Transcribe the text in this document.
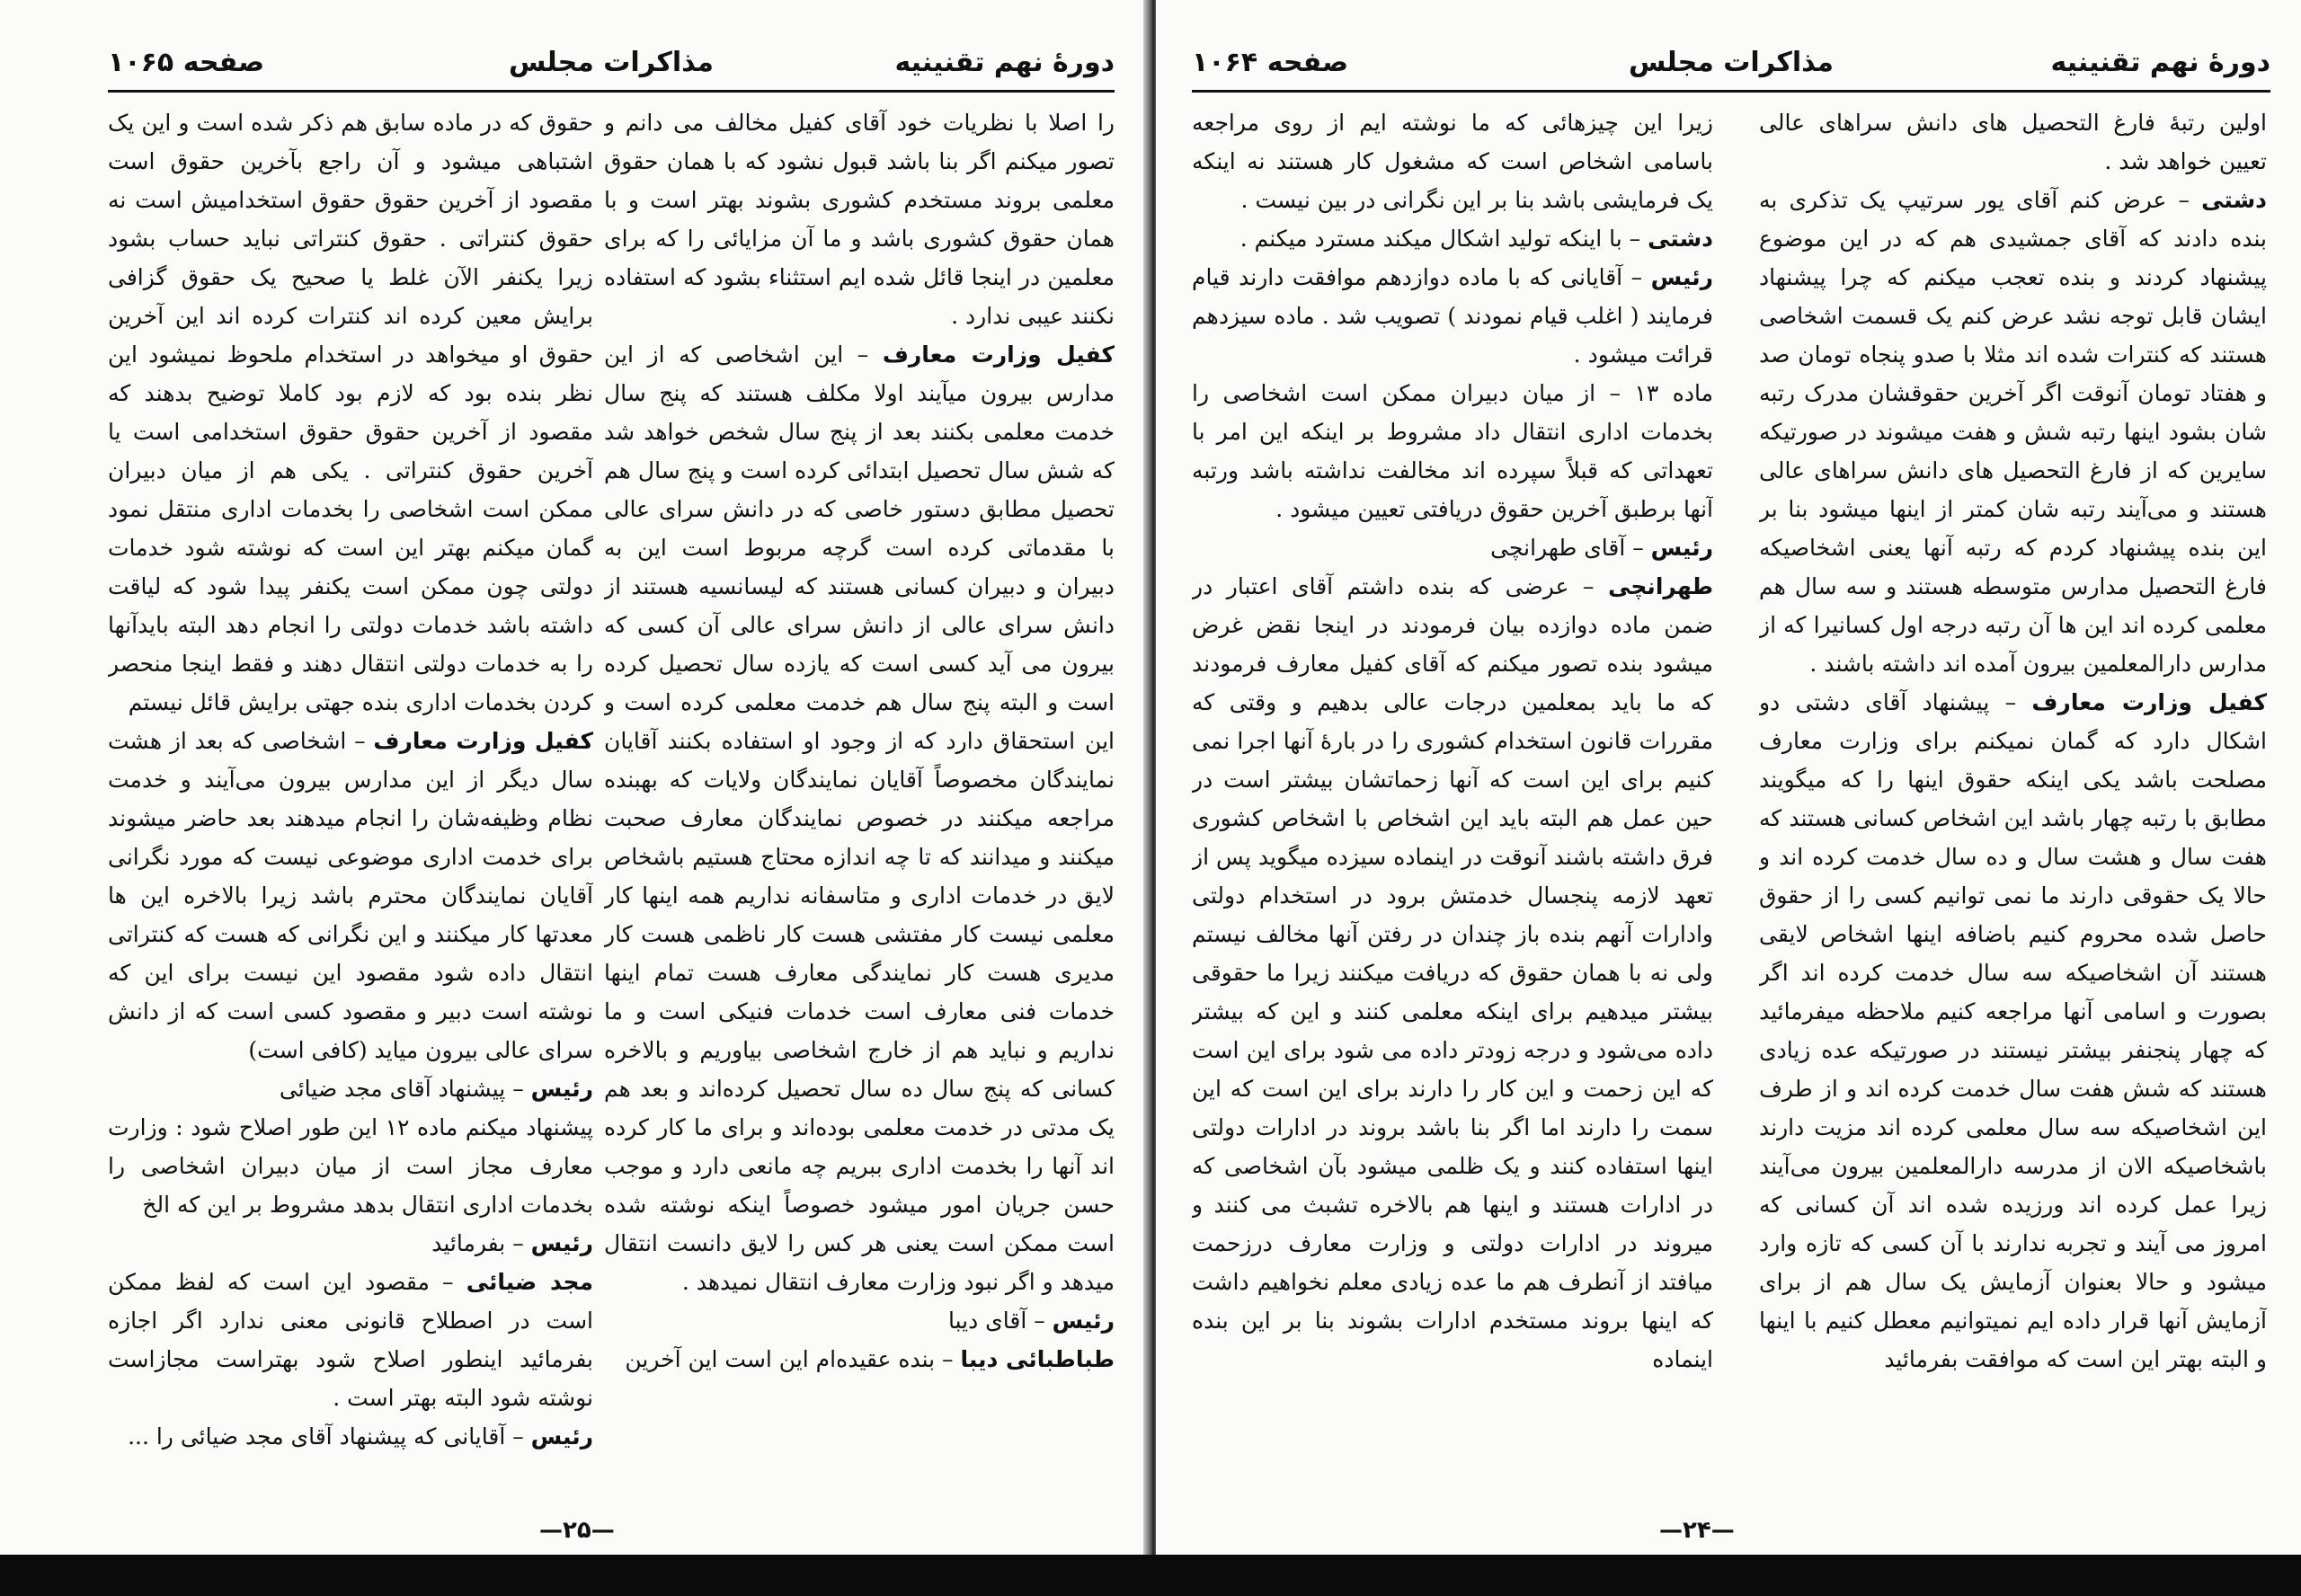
دورهٔ نهم تقنینیه
مذاکرات مجلس
صفحه ۱۰۶۵

را اصلا با نظریات خود آقای کفیل مخالف می دانم و تصور میکنم اگر بنا باشد قبول نشود که با همان حقوق معلمی بروند مستخدم کشوری بشوند بهتر است و با همان حقوق کشوری باشد و ما آن مزایائی را که برای معلمین در اینجا قائل شده ایم استثناء بشود که استفاده نکنند عیبی ندارد .

کفیل وزارت معارف – این اشخاصی که از این مدارس بیرون میآیند اولا مکلف هستند که پنج سال خدمت معلمی بکنند بعد از پنج سال شخص خواهد شد که شش سال تحصیل ابتدائی کرده است و پنج سال هم تحصیل مطابق دستور خاصی که در دانش سرای عالی با مقدماتی کرده است گرچه مربوط است این به دبیران و دبیران کسانی هستند که لیسانسیه هستند از دانش سرای عالی از دانش سرای عالی آن کسی که بیرون می آید کسی است که یازده سال تحصیل کرده است و البته پنج سال هم خدمت معلمی کرده است و این استحقاق دارد که از وجود او استفاده بکنند آقایان نمایندگان مخصوصاً آقایان نمایندگان ولایات که بهبنده مراجعه میکنند در خصوص نمایندگان معارف صحبت میکنند و میدانند که تا چه اندازه محتاج هستیم باشخاص لایق در خدمات اداری و متاسفانه نداریم همه اینها کار معلمی نیست کار مفتشی هست کار ناظمی هست کار مدیری هست کار نمایندگی معارف هست تمام اینها خدمات فنی معارف است خدمات فنیکی است و ما نداریم و نباید هم از خارج اشخاصی بیاوریم و بالاخره کسانی که پنج سال ده سال تحصیل کرده‌اند و بعد هم یک مدتی در خدمت معلمی بوده‌اند و برای ما کار کرده اند آنها را بخدمت اداری ببریم چه مانعی دارد و موجب حسن جریان امور میشود خصوصاً اینکه نوشته شده است ممکن است یعنی هر کس را لایق دانست انتقال میدهد و اگر نبود وزارت معارف انتقال نمیدهد .

رئیس – آقای دیبا

طباطبائی دیبا – بنده عقیده‌ام این است این آخرین

حقوق که در ماده سابق هم ذکر شده است و این یک اشتباهی میشود و آن راجع بآخرین حقوق است مقصود از آخرین حقوق حقوق استخدامیش است نه حقوق کنتراتی . حقوق کنتراتی نباید حساب بشود زیرا یکنفر الآن غلط یا صحیح یک حقوق گزافی برایش معین کرده اند کنترات کرده اند این آخرین حقوق او میخواهد در استخدام ملحوظ نمیشود این نظر بنده بود که لازم بود کاملا توضیح بدهند که مقصود از آخرین حقوق حقوق استخدامی است یا آخرین حقوق کنتراتی . یکی هم از میان دبیران ممکن است اشخاصی را بخدمات اداری منتقل نمود گمان میکنم بهتر این است که نوشته شود خدمات دولتی چون ممکن است یکنفر پیدا شود که لیاقت داشته باشد خدمات دولتی را انجام دهد البته بایدآنها را به خدمات دولتی انتقال دهند و فقط اینجا منحصر کردن بخدمات اداری بنده جهتی برایش قائل نیستم

کفیل وزارت معارف – اشخاصی که بعد از هشت سال دیگر از این مدارس بیرون می‌آیند و خدمت نظام وظیفه‌شان را انجام میدهند بعد حاضر میشوند برای خدمت اداری موضوعی نیست که مورد نگرانی آقایان نمایندگان محترم باشد زیرا بالاخره این ها معدتها کار میکنند و این نگرانی که هست که کنتراتی انتقال داده شود مقصود این نیست برای این که نوشته است دبیر و مقصود کسی است که از دانش سرای عالی بیرون میاید (کافی است)

رئیس – پیشنهاد آقای مجد ضیائی

پیشنهاد میکنم ماده ۱۲ این طور اصلاح شود : وزارت معارف مجاز است از میان دبیران اشخاصی را بخدمات اداری انتقال بدهد مشروط بر این که الخ

رئیس – بفرمائید

مجد ضیائی – مقصود این است که لفظ ممکن است در اصطلاح قانونی معنی ندارد اگر اجازه بفرمائید اینطور اصلاح شود بهتراست مجازاست نوشته شود البته بهتر است .

رئیس – آقایانی که پیشنهاد آقای مجد ضیائی را ...

—۲۵—
دورهٔ نهم تقنینیه
مذاکرات مجلس
صفحه ۱۰۶۴

اولین رتبهٔ فارغ التحصیل های دانش سراهای عالی تعیین خواهد شد .

دشتی – عرض کنم آقای یور سرتیپ یک تذکری به بنده دادند که آقای جمشیدی هم که در این موضوع پیشنهاد کردند و بنده تعجب میکنم که چرا پیشنهاد ایشان قابل توجه نشد عرض کنم یک قسمت اشخاصی هستند که کنترات شده اند مثلا با صدو پنجاه تومان صد و هفتاد تومان آنوقت اگر آخرین حقوقشان مدرک رتبه شان بشود اینها رتبه شش و هفت میشوند در صورتیکه سایرین که از فارغ التحصیل های دانش سراهای عالی هستند و می‌آیند رتبه شان کمتر از اینها میشود بنا بر این بنده پیشنهاد کردم که رتبه آنها یعنی اشخاصیکه فارغ التحصیل مدارس متوسطه هستند و سه سال هم معلمی کرده اند این ها آن رتبه درجه اول کسانیرا که از مدارس دارالمعلمین بیرون آمده اند داشته باشند .

کفیل وزارت معارف – پیشنهاد آقای دشتی دو اشکال دارد که گمان نمیکنم برای وزارت معارف مصلحت باشد یکی اینکه حقوق اینها را که میگویند مطابق با رتبه چهار باشد این اشخاص کسانی هستند که هفت سال و هشت سال و ده سال خدمت کرده اند و حالا یک حقوقی دارند ما نمی توانیم کسی را از حقوق حاصل شده محروم کنیم باضافه اینها اشخاص لایقی هستند آن اشخاصیکه سه سال خدمت کرده اند اگر بصورت و اسامی آنها مراجعه کنیم ملاحظه میفرمائید که چهار پنجنفر بیشتر نیستند در صورتیکه عده زیادی هستند که شش هفت سال خدمت کرده اند و از طرف این اشخاصیکه سه سال معلمی کرده اند مزیت دارند باشخاصیکه الان از مدرسه دارالمعلمین بیرون می‌آیند زیرا عمل کرده اند ورزیده شده اند آن کسانی که امروز می آیند و تجربه ندارند با آن کسی که تازه وارد میشود و حالا بعنوان آزمایش یک سال هم از برای آزمایش آنها قرار داده ایم نمیتوانیم معطل کنیم با اینها و البته بهتر این است که موافقت بفرمائید

زیرا این چیزهائی که ما نوشته ایم از روی مراجعه باسامی اشخاص است که مشغول کار هستند نه اینکه یک فرمایشی باشد بنا بر این نگرانی در بین نیست .

دشتی – با اینکه تولید اشکال میکند مسترد میکنم .

رئیس – آقایانی که با ماده دوازدهم موافقت دارند قیام فرمایند ( اغلب قیام نمودند ) تصویب شد . ماده سیزدهم قرائت میشود .

ماده ۱۳ – از میان دبیران ممکن است اشخاصی را بخدمات اداری انتقال داد مشروط بر اینکه این امر با تعهداتی که قبلاً سپرده اند مخالفت نداشته باشد ورتبه آنها برطبق آخرین حقوق دریافتی تعیین میشود .

رئیس – آقای طهرانچی

طهرانچی – عرضی که بنده داشتم آقای اعتبار در ضمن ماده دوازده بیان فرمودند در اینجا نقض غرض میشود بنده تصور میکنم که آقای کفیل معارف فرمودند که ما باید بمعلمین درجات عالی بدهیم و وقتی که مقررات قانون استخدام کشوری را در بارهٔ آنها اجرا نمی کنیم برای این است که آنها زحماتشان بیشتر است در حین عمل هم البته باید این اشخاص با اشخاص کشوری فرق داشته باشند آنوقت در اینماده سیزده میگوید پس از تعهد لازمه پنجسال خدمتش برود در استخدام دولتی وادارات آنهم بنده باز چندان در رفتن آنها مخالف نیستم ولی نه با همان حقوق که دریافت میکنند زیرا ما حقوقی بیشتر میدهیم برای اینکه معلمی کنند و این که بیشتر داده می‌شود و درجه زودتر داده می شود برای این است که این زحمت و این کار را دارند برای این است که این سمت را دارند اما اگر بنا باشد بروند در ادارات دولتی اینها استفاده کنند و یک ظلمی میشود بآن اشخاصی که در ادارات هستند و اینها هم بالاخره تشبث می کنند و میروند در ادارات دولتی و وزارت معارف درزحمت میافتد از آنطرف هم ما عده زیادی معلم نخواهیم داشت که اینها بروند مستخدم ادارات بشوند بنا بر این بنده اینماده

—۲۴—
